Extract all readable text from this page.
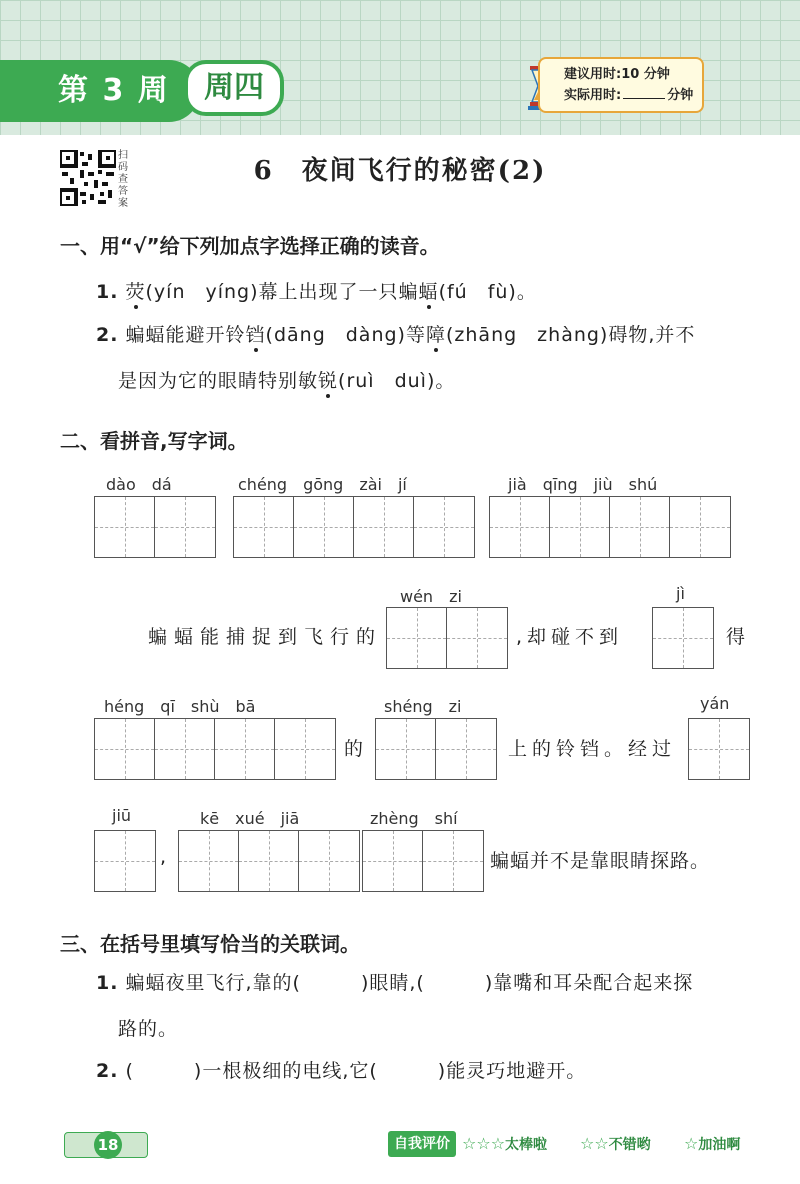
第 3 周	周四	建议用时:10 分钟
实际用时:	分钟
扫码查答案
6　夜间飞行的秘密(2)
一、用“√”给下列加点字选择正确的读音。
1. 荧(yín　yíng)幕上出现了一只蝙蝠(fú　fù)。
2. 蝙蝠能避开铃铛(dāng　dàng)等障(zhāng　zhàng)碍物,并不
是因为它的眼睛特别敏锐(ruì　duì)。
二、看拼音,写字词。
dào　dá	chéng　gōng　zài　jí	jià　qīng　jiù　shú
蝙蝠能捕捉到飞行的
wén　zi
,却碰不到
jì
得
héng　qī　shù　bā
的
shéng　zi
上的铃铛。经过
yán
jiū
,
kē　xué　jiā	zhèng　shí
蝙蝠并不是靠眼睛探路。
三、在括号里填写恰当的关联词。
1. 蝙蝠夜里飞行,靠的(　　　)眼睛,(　　　)靠嘴和耳朵配合起来探
路的。
2. (　　　)一根极细的电线,它(　　　)能灵巧地避开。
18	自我评价 ☆☆☆太棒啦 ☆☆不错哟 ☆加油啊
